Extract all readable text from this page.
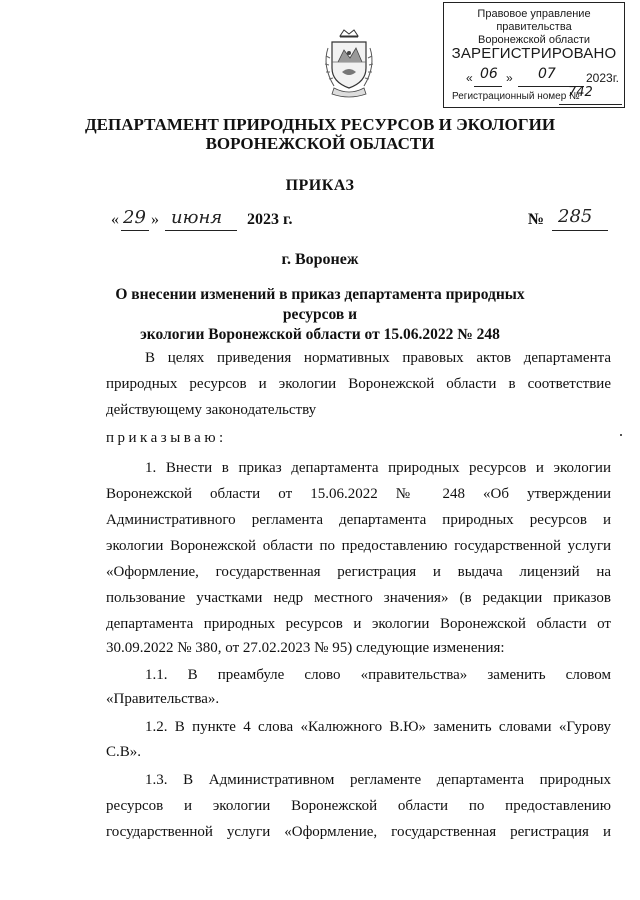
Правовое управление правительства
Воронежской области
ЗАРЕГИСТРИРОВАНО
« 06 » 07	2023г.
Регистрационный номер №
742
ДЕПАРТАМЕНТ ПРИРОДНЫХ РЕСУРСОВ И ЭКОЛОГИИ
ВОРОНЕЖСКОЙ ОБЛАСТИ
ПРИКАЗ
« 29 » июня 2023 г.	№ 285
г. Воронеж
О внесении изменений в приказ департамента природных ресурсов и
экологии Воронежской области от 15.06.2022 № 248
В целях приведения нормативных правовых актов департамента
природных ресурсов и экологии Воронежской области в соответствие
действующему законодательству
приказываю:
1. Внести в приказ департамента природных ресурсов и экологии
Воронежской области от 15.06.2022 № 248 «Об утверждении
Административного регламента департамента природных ресурсов и
экологии Воронежской области по предоставлению государственной услуги
«Оформление, государственная регистрация и выдача лицензий на
пользование участками недр местного значения» (в редакции приказов
департамента природных ресурсов и экологии Воронежской области от
30.09.2022 № 380, от 27.02.2023 № 95) следующие изменения:
1.1. В преамбуле слово «правительства» заменить словом
«Правительства».
1.2. В пункте 4 слова «Калюжного В.Ю» заменить словами «Гурову
С.В».
1.3. В Административном регламенте департамента природных
ресурсов и экологии Воронежской области по предоставлению
государственной услуги «Оформление, государственная регистрация и
